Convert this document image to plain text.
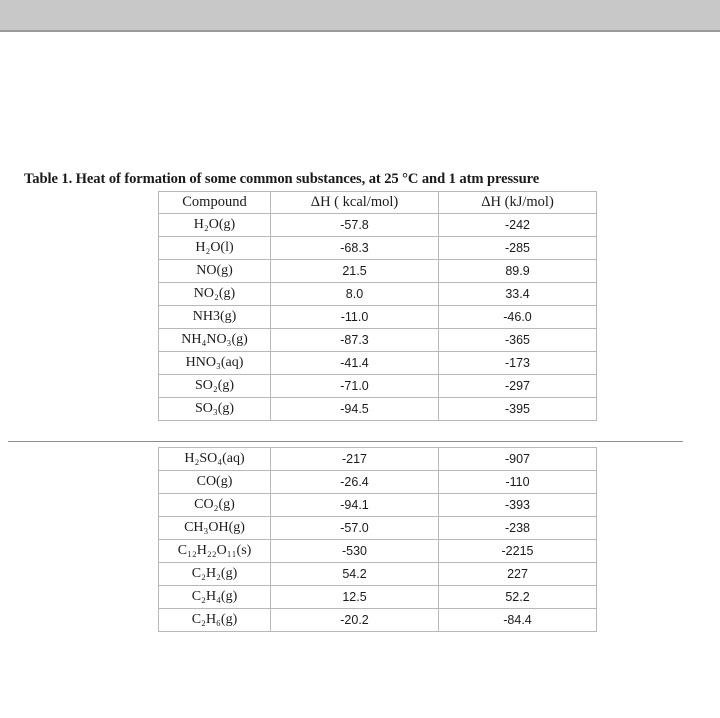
Table 1. Heat of formation of some common substances, at 25 °C and 1 atm pressure
Compound	ΔH ( kcal/mol)	ΔH (kJ/mol)
H₂O(g)	-57.8	-242
H₂O(l)	-68.3	-285
NO(g)	21.5	89.9
NO₂(g)	8.0	33.4
NH3(g)	-11.0	-46.0
NH₄NO₃(g)	-87.3	-365
HNO₃(aq)	-41.4	-173
SO₂(g)	-71.0	-297
SO₃(g)	-94.5	-395
H₂SO₄(aq)	-217	-907
CO(g)	-26.4	-110
CO₂(g)	-94.1	-393
CH₃OH(g)	-57.0	-238
C₁₂H₂₂O₁₁(s)	-530	-2215
C₂H₂(g)	54.2	227
C₂H₄(g)	12.5	52.2
C₂H₆(g)	-20.2	-84.4
